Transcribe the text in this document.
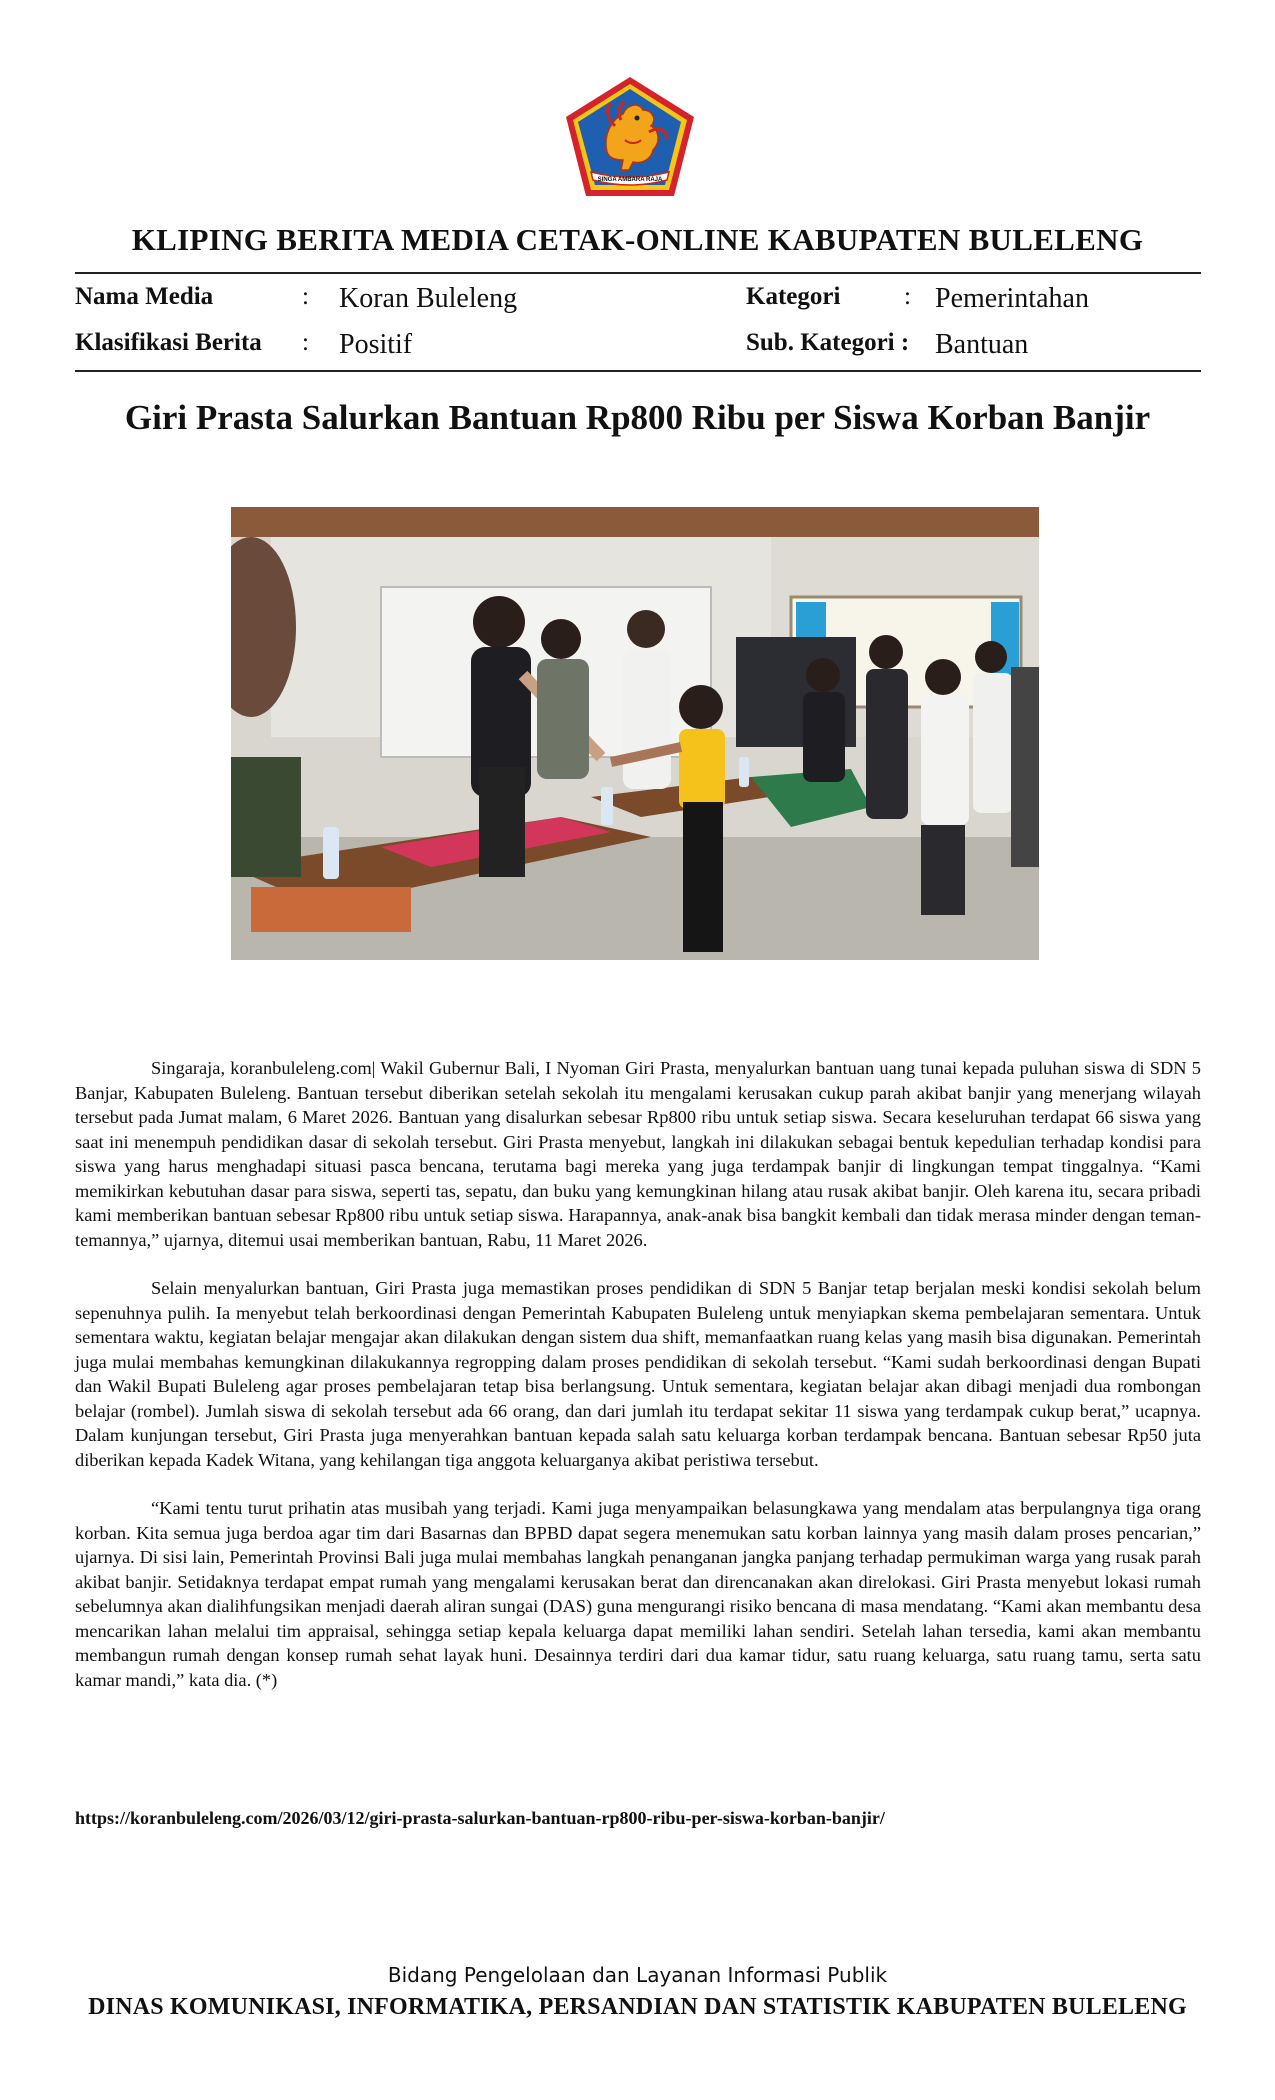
SINGA AMBARA RAJA
KLIPING BERITA MEDIA CETAK-ONLINE KABUPATEN BULELENG
Nama Media	: Koran Buleleng	Kategori	: Pemerintahan
Klasifikasi Berita : Positif	Sub. Kategori : Bantuan
Giri Prasta Salurkan Bantuan Rp800 Ribu per Siswa Korban Banjir

Singaraja, koranbuleleng.com| Wakil Gubernur Bali, I Nyoman Giri Prasta, menyalurkan bantuan uang tunai kepada puluhan siswa di SDN 5 Banjar, Kabupaten Buleleng. Bantuan tersebut diberikan setelah sekolah itu mengalami kerusakan cukup parah akibat banjir yang menerjang wilayah tersebut pada Jumat malam, 6 Maret 2026. Bantuan yang disalurkan sebesar Rp800 ribu untuk setiap siswa. Secara keseluruhan terdapat 66 siswa yang saat ini menempuh pendidikan dasar di sekolah tersebut. Giri Prasta menyebut, langkah ini dilakukan sebagai bentuk kepedulian terhadap kondisi para siswa yang harus menghadapi situasi pasca bencana, terutama bagi mereka yang juga terdampak banjir di lingkungan tempat tinggalnya. “Kami memikirkan kebutuhan dasar para siswa, seperti tas, sepatu, dan buku yang kemungkinan hilang atau rusak akibat banjir. Oleh karena itu, secara pribadi kami memberikan bantuan sebesar Rp800 ribu untuk setiap siswa. Harapannya, anak-anak bisa bangkit kembali dan tidak merasa minder dengan teman-temannya,” ujarnya, ditemui usai memberikan bantuan, Rabu, 11 Maret 2026.

Selain menyalurkan bantuan, Giri Prasta juga memastikan proses pendidikan di SDN 5 Banjar tetap berjalan meski kondisi sekolah belum sepenuhnya pulih. Ia menyebut telah berkoordinasi dengan Pemerintah Kabupaten Buleleng untuk menyiapkan skema pembelajaran sementara. Untuk sementara waktu, kegiatan belajar mengajar akan dilakukan dengan sistem dua shift, memanfaatkan ruang kelas yang masih bisa digunakan. Pemerintah juga mulai membahas kemungkinan dilakukannya regropping dalam proses pendidikan di sekolah tersebut. “Kami sudah berkoordinasi dengan Bupati dan Wakil Bupati Buleleng agar proses pembelajaran tetap bisa berlangsung. Untuk sementara, kegiatan belajar akan dibagi menjadi dua rombongan belajar (rombel). Jumlah siswa di sekolah tersebut ada 66 orang, dan dari jumlah itu terdapat sekitar 11 siswa yang terdampak cukup berat,” ucapnya. Dalam kunjungan tersebut, Giri Prasta juga menyerahkan bantuan kepada salah satu keluarga korban terdampak bencana. Bantuan sebesar Rp50 juta diberikan kepada Kadek Witana, yang kehilangan tiga anggota keluarganya akibat peristiwa tersebut.

“Kami tentu turut prihatin atas musibah yang terjadi. Kami juga menyampaikan belasungkawa yang mendalam atas berpulangnya tiga orang korban. Kita semua juga berdoa agar tim dari Basarnas dan BPBD dapat segera menemukan satu korban lainnya yang masih dalam proses pencarian,” ujarnya. Di sisi lain, Pemerintah Provinsi Bali juga mulai membahas langkah penanganan jangka panjang terhadap permukiman warga yang rusak parah akibat banjir. Setidaknya terdapat empat rumah yang mengalami kerusakan berat dan direncanakan akan direlokasi. Giri Prasta menyebut lokasi rumah sebelumnya akan dialihfungsikan menjadi daerah aliran sungai (DAS) guna mengurangi risiko bencana di masa mendatang. “Kami akan membantu desa mencarikan lahan melalui tim appraisal, sehingga setiap kepala keluarga dapat memiliki lahan sendiri. Setelah lahan tersedia, kami akan membantu membangun rumah dengan konsep rumah sehat layak huni. Desainnya terdiri dari dua kamar tidur, satu ruang keluarga, satu ruang tamu, serta satu kamar mandi,” kata dia. (*)

https://koranbuleleng.com/2026/03/12/giri-prasta-salurkan-bantuan-rp800-ribu-per-siswa-korban-banjir/
Bidang Pengelolaan dan Layanan Informasi Publik
DINAS KOMUNIKASI, INFORMATIKA, PERSANDIAN DAN STATISTIK KABUPATEN BULELENG
